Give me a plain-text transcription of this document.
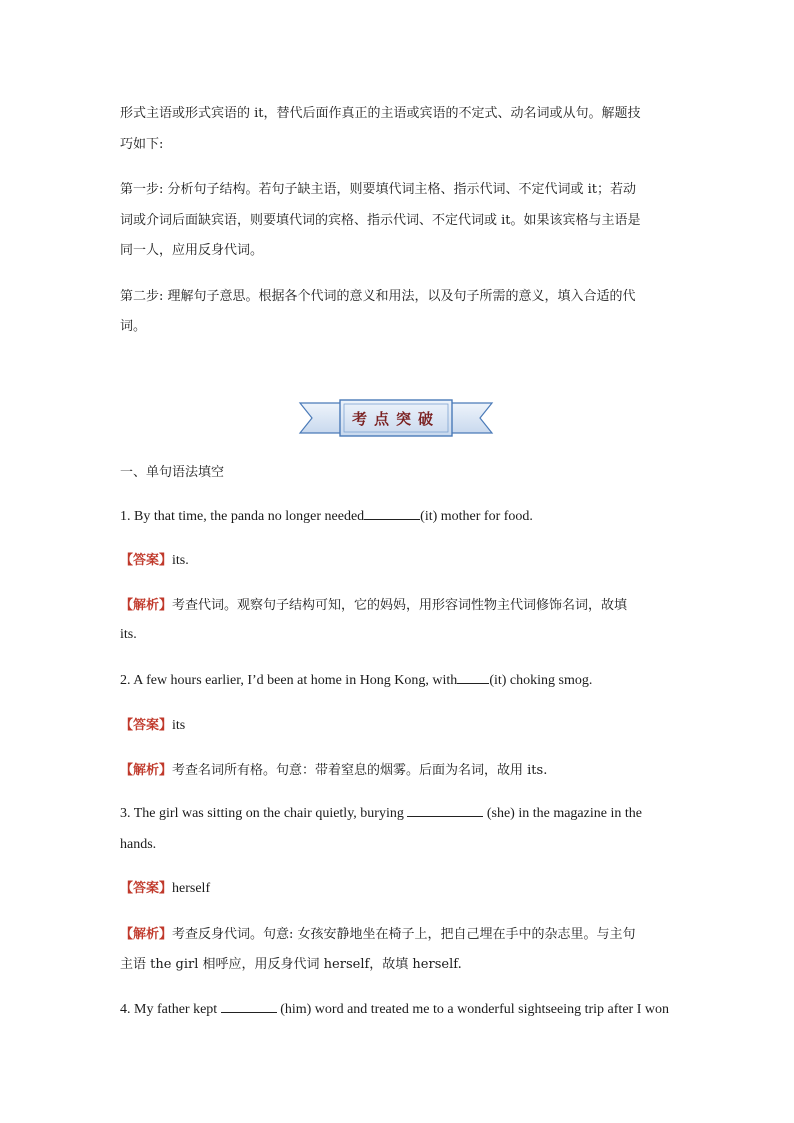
形式主语或形式宾语的 it，替代后面作真正的主语或宾语的不定式、动名词或从句。解题技
巧如下:
第一步: 分析句子结构。若句子缺主语，则要填代词主格、指示代词、不定代词或 it；若动
词或介词后面缺宾语，则要填代词的宾格、指示代词、不定代词或 it。如果该宾格与主语是
同一人，应用反身代词。
第二步: 理解句子意思。根据各个代词的意义和用法，以及句子所需的意义，填入合适的代
词。
考点突破
一、单句语法填空
1. By that time, the panda no longer needed	(it) mother for food.
【答案】its.
【解析】考查代词。观察句子结构可知，它的妈妈，用形容词性物主代词修饰名词，故填
its.
2. A few hours earlier, I’d been at home in Hong Kong, with (it) choking smog.
【答案】its
【解析】考查名词所有格。句意：带着窒息的烟雾。后面为名词，故用 its.
3. The girl was sitting on the chair quietly, burying	(she) in the magazine in the
hands.
【答案】herself
【解析】考查反身代词。句意: 女孩安静地坐在椅子上，把自己埋在手中的杂志里。与主句
主语 the girl 相呼应，用反身代词 herself，故填 herself.
4. My father kept	(him) word and treated me to a wonderful sightseeing trip after I won
